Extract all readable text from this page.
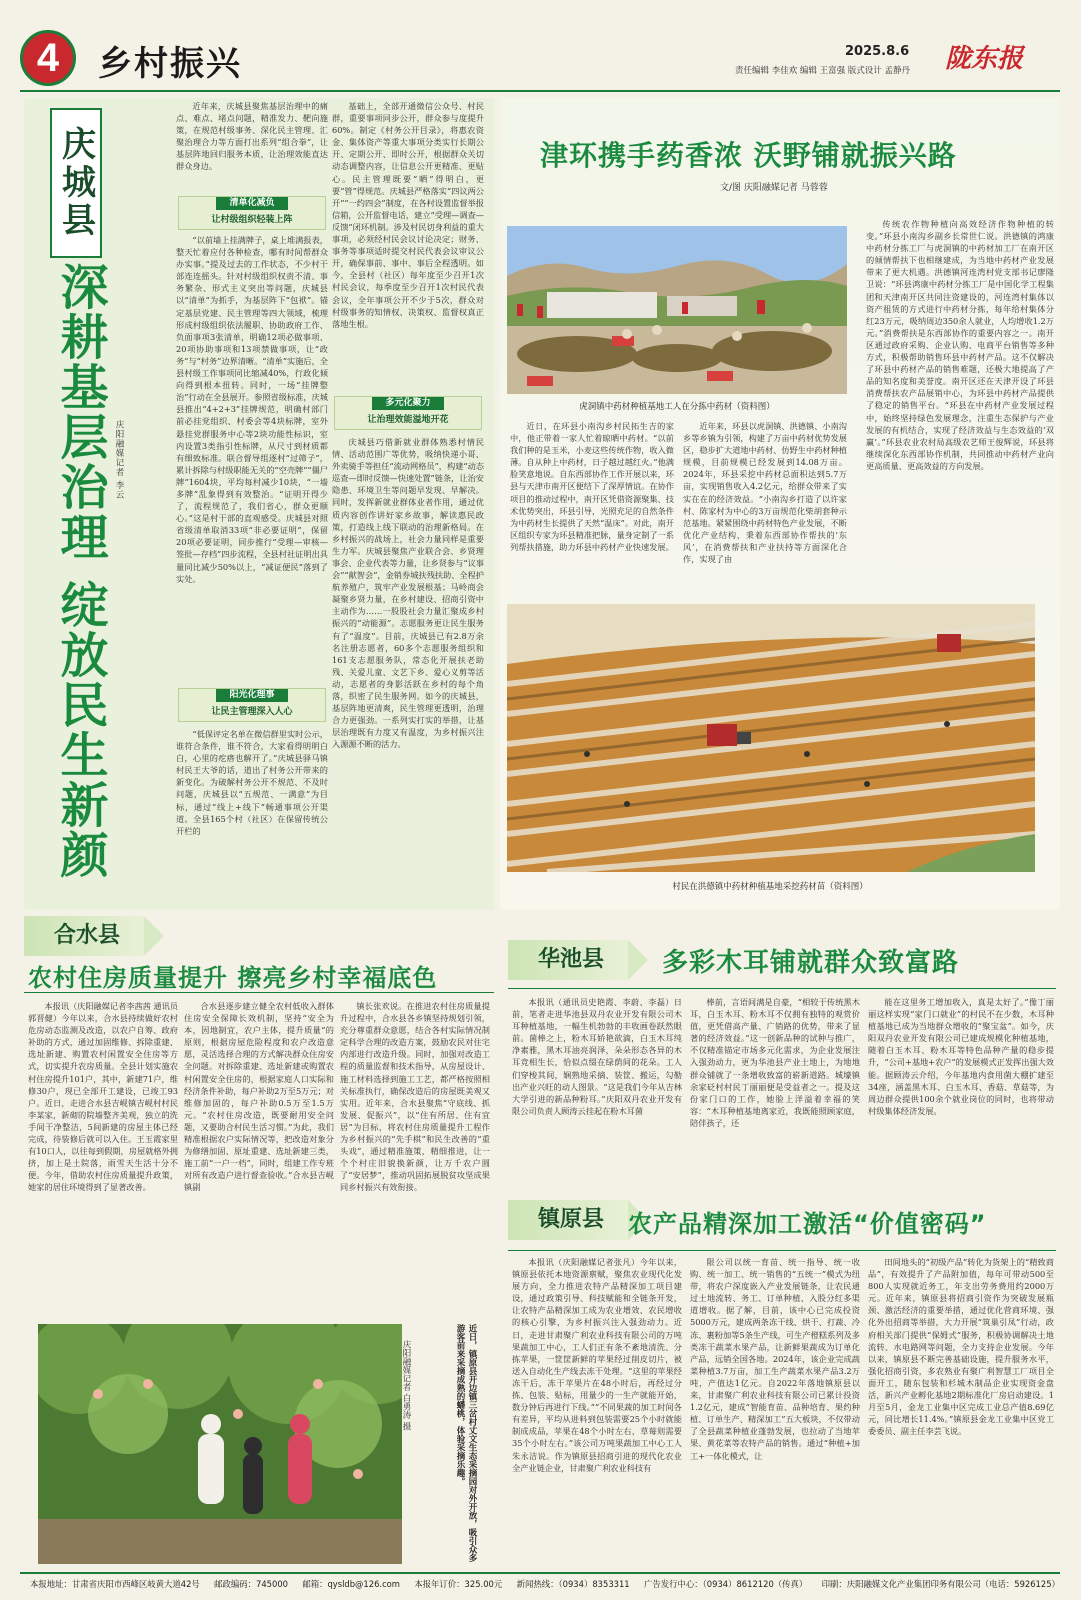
4	乡村振兴	2025.8.6
责任编辑 李佳欢 编辑 王富强 版式设计 孟静丹 陇东报
庆城县
深耕基层治理
绽放民生新颜
庆阳融媒记者 李云

近年来，庆城县聚焦基层治理中的痛点、难点、堵点问题，精准发力、靶向施策，在规范村级事务、深化民主管理、汇聚治理合力等方面打出系列“组合拳”，让基层阵地回归服务本质，让治理效能直达群众身边。

清单化减负
让村级组织轻装上阵

“以前墙上挂满牌子，桌上堆满报表，整天忙着应付各种检查，哪有时间帮群众办实事。”提及过去的工作状态，不少村干部连连摇头。针对村级组织权责不清、事务繁杂、形式主义突出等问题，庆城县以“清单”为抓手，为基层阵下“包袱”。锚定基层党建、民主管理等四大领域，梳理形成村级组织依法履职、协助政府工作、负面事项3张清单，明确12项必做事项、20项协助事项和13项禁做事项，让“政务”与“村务”边界清晰。“清单”实施后，全县村级工作事项同比缩减40%，行政化倾向得到根本扭转。同时，一场“挂牌整治”行动在全县展开。参照省级标准，庆城县推出“4+2+3”挂牌规范，明确村部门前必挂党组织、村委会等4块标牌，室外悬挂党群服务中心等2块功能性标识，室内设置3类指引性标牌，从尺寸到材质都有细致标准。联合督导组逐村“过筛子”，累计拆除与村级职能无关的“空壳牌”“僵尸牌”1604块，平均每村减少10块，“一墙多牌”乱象得到有效整治。“证明开得少了，流程规范了，我们省心，群众更顺心。”这是村干部的直观感受。庆城县对照省级清单取消33项“非必要证明”，保留20项必要证明，同步推行“受理—审核—签批—存档”四步流程，全县村社证明出具量同比减少50%以上，“减证便民”落到了实处。

阳光化理事
让民主管理深入人心

“低保评定名单在微信群里实时公示，谁符合条件，谁不符合，大家看得明明白白，心里的疙瘩也解开了。”庆城县驿马镇村民王大爷的话，道出了村务公开带来的新变化。为破解村务公开不规范、不及时问题，庆城县以“五规范、一满意”为目标，通过“线上+线下”畅通事项公开渠道。全县165个村（社区）在保留传统公开栏的

基础上，全部开通微信公众号、村民群，重要事项同步公开，群众参与度提升60%。制定《村务公开目录》，将惠农资金、集体资产等重大事项分类实行长期公开、定期公开、即时公开，根据群众关切动态调整内容，让信息公开更精准、更贴心。民主管理既要“晒”得明白，更要“管”得规范。庆城县严格落实“四议两公开”“一约四会”制度，在各村设置监督举报信箱，公开监督电话，建立“受理—调查—反馈”闭环机制。涉及村民切身利益的重大事项，必须经村民会议讨论决定；财务、事务等事项适时提交村民代表会议审议公开，确保事前、事中、事后全程透明。如今，全县村（社区）每年度至少召开1次村民会议，每季度至少召开1次村民代表会议，全年事项公开不少于5次，群众对村级事务的知情权、决策权、监督权真正落地生根。

多元化聚力
让治理效能溢地开花

庆城县巧借新就业群体熟悉村情民情、活动范围广等优势，吸纳快递小哥、外卖骑手等担任“流动网格员”，构建“动态巡查—即时反馈—快速处置”链条，让治安隐患、环境卫生等问题早发现、早解决。同时，发挥新就业群体业者作用，通过优质内容创作讲好家乡故事，解读惠民政策，打造线上线下联动的治理新格局。在乡村振兴的战场上，社会力量同样是重要生力军。庆城县聚焦产业联合会、乡贤理事会、企业代表等力量，让乡贤参与“议事会”“献智会”，金销券城扶残扶助、全程护航养殖户，筑牢产业发展根基；马岭商会凝聚乡贤力量，在乡村建设、招商引资中主动作为……一股股社会力量汇聚成乡村振兴的“动能源”。志愿服务更让民生服务有了“温度”。目前，庆城县已有2.8万余名注册志愿者，60多个志愿服务组织和161支志愿服务队，常态化开展扶老助残、关爱儿童、文艺下乡、爱心义剪等活动，志愿者的身影活跃在乡村的每个角落，织密了民生服务网。如今的庆城县，基层阵地更清爽，民生管理更透明，治理合力更强劲。一系列实打实的举措，让基层治理既有力度又有温度，为乡村振兴注入源源不断的活力。

津环携手药香浓 沃野铺就振兴路
文/图 庆阳融媒记者 马蓉蓉
虎洞镇中药材种植基地工人在分拣中药材（资料图）

传统农作物种植向高效经济作物种植的转变。”环县小南沟乡副乡长常世仁说。洪德镇的鸿康中药材分拣工厂与虎洞镇的中药材加工厂在南开区的倾情帮扶下也相继建成，为当地中药材产业发展带来了更大机遇。洪德镇河连湾村党支部书记廖隆卫说：“环县鸿康中药材分拣工厂是中国化学工程集团和天津南开区共同注资建设的，河连湾村集体以资产租赁的方式进行中药材分拣，每年给村集体分红23万元，吸纳周边350余人就业，人均增收1.2万元。”消费帮扶是东西部协作的重要内容之一。南开区通过政府采购、企业认购、电商平台销售等多种方式，积极帮助销售环县中药材产品。这不仅解决了环县中药材产品的销售难题，还极大地提高了产品的知名度和美誉度。南开区还在天津开设了环县消费帮扶农产品展销中心，为环县中药材产品提供了稳定的销售平台。“环县在中药材产业发展过程中，始终坚持绿色发展理念，注重生态保护与产业发展的有机结合，实现了经济效益与生态效益的‘双赢’。”环县农业农村局高级农艺师王俊辉说，环县将继续深化东西部协作机制，共同推动中药材产业向更高质量、更高效益的方向发展。

近日，在环县小南沟乡村民拓生吉的家中，他正带着一家人忙着晾晒中药材。“以前我们种的是玉米，小麦这些传统作物，收入微薄。自从种上中药材，日子越过越红火。”他满脸笑意地说。自东西部协作工作开展以来，环县与天津市南开区便结下了深厚情谊。在协作项目的推动过程中，南开区凭借资源聚集、技术优势突出，环县引导，光照充足的自然条件为中药材生长提供了天然“温床”。对此，南开区组织专家为环县精准把脉，量身定制了一系列帮扶措施，助力环县中药材产业快速发展。

近年来，环县以虎洞镇、洪德镇、小南沟乡等乡镇为引领，构建了万亩中药材优势发展区，稳步扩大道地中药材、仿野生中药材种植规模，目前规模已经发展到14.08万亩。2024年，环县采挖中药材总面积达到5.7万亩，实现销售收入4.2亿元，给群众带来了实实在在的经济效益。“小南沟乡打造了以许家村、陈家村为中心的3万亩规范化柴胡套种示范基地。紧紧围绕中药材特色产业发展，不断优化产业结构，秉着东西部协作帮扶的‘东风’，在消费帮扶和产业扶持等方面深化合作，实现了由

村民在洪德镇中药材种植基地采挖药材苗（资料图）
合水县
农村住房质量提升 擦亮乡村幸福底色

本报讯（庆阳融媒记者李茜茜 通讯员郭晋健）今年以来，合水县持续做好农村危房动态监测及改造，以农户自筹、政府补助的方式，通过加固维修、拆除重建、选址新建、购置农村闲置安全住房等方式，切实提升农房质量。全县计划实施农村住房提升101户，其中，新建71户，维修30户，现已全部开工建设，已竣工93户。近日，走进合水县吉岘镇吉岘村村民李某家，新砌的院墙整齐美观，独立的洗手间干净整洁，5间新建的房屋主体已经完成，待装修后就可以入住。王玉霞家里有10口人，以往每到假期，房屋就格外拥挤，加上是土院落，雨雪天生活十分不便。今年，借助农村住房质量提升政策，她家的居住环境得到了显著改善。

合水县逐步建立健全农村低收入群体住房安全保障长效机制，坚持“安全为本，因地制宜，农户主体，提升质量”的原则，根据房屋危险程度和农户改造意愿，灵活选择合理的方式解决群众住房安全问题。对拆除重建、选址新建或购置农村闲置安全住房的，根据家庭人口实际和经济条件补助，每户补助2万至5万元；对维修加固的，每户补助0.5万至1.5万元。“农村住房改造，既要耐用安全问题，又要助合村民生活习惯。”为此，我们精准根据农户实际情况等，把改造对象分为修缮加固、原址重建、选址新建三类，施工前“一户一档”，同时，组建工作专班对所有改造户进行督查验收。”合水县吉岘镇副

镇长张欢说。在推进农村住房质量提升过程中，合水县各乡镇坚持规划引领，充分尊重群众意愿，结合各村实际情况制定科学合理的改造方案，鼓励农民对住宅内部进行改造升级。同时，加强对改造工程的质量监督和技术指导，从房屋设计、施工材料选择到施工工艺，都严格按照相关标准执行，确保改造后的房屋既美观又实用。近年来，合水县聚焦“守底线、抓发展、促振兴”，以“住有所居、住有宜居”为目标，将农村住房质量提升工程作为乡村振兴的“先手棋”和民生改善的“重头戏”，通过精准施策，精细推进，让一个个村庄旧貌换新颜，让万千农户圆了“安居梦”，推动巩固拓展脱贫攻坚成果同乡村振兴有效衔接。

近日，镇原县开边镇三岔村丈文生态采摘园对外开放，吸引众多游客前来采摘成熟的蟠桃，体验采摘乐趣。
庆阳融媒记者 白勇涛 摄
华池县	多彩木耳铺就群众致富路

本报讯（通讯员史艳霞、李蔚、李磊）日前，笔者走进华池县双丹农业开发有限公司木耳种植基地，一幅生机勃勃的丰收画卷跃然眼前。菌棒之上，粉木耳娇艳欲滴，白玉木耳纯净素雅，黑木耳油亮润泽，朵朵形态各异的木耳竞相生长，恰似点缀在绿荫间的花朵。工人们穿梭其间，娴熟地采摘、装筐、搬运，勾勒出产业兴旺的动人图景。“这是我们今年从吉林大学引进的新品种粉耳。”庆阳双丹农业开发有限公司负责人顾涛云挂起在粉木耳菌

棒前，言语间满是自豪，“相较于传统黑木耳，白玉木耳、粉木耳不仅拥有独特的观赏价值，更凭借高产量、广销路的优势，带来了显著的经济效益。”这一创新品种的试种与推广，不仅精准锚定市场多元化需求，为企业发展注入强劲动力，更为华池县产业土地上，为地地群众铺就了一条增收致富的崭新道路。城壕镇余家砭村村民丁丽丽便是受益者之一。提及这份家门口的工作，她脸上洋溢着幸福的笑容：“木耳种植基地离家近，我既能照顾家庭，陪伴孩子，还

能在这里务工增加收入，真是太好了。”像丁丽丽这样实现“家门口就业”的村民不在少数，木耳种植基地已成为当地群众增收的“聚宝盆”。如今，庆阳双丹农业开发有限公司已建成规模化种植基地，随着白玉木耳、粉木耳等特色品种产量的稳步提升，“公司+基地+农户”的发展模式正发挥出强大效能。据顾涛云介绍，今年基地内食用菌大棚扩建至34座，涵盖黑木耳、白玉木耳、香菇、草菇等，为周边群众提供100余个就业岗位的同时，也将带动村级集体经济发展。

镇原县 农产品精深加工激活“价值密码”

本报讯（庆阳融媒记者张凡）今年以来，镇原县依托本地资源禀赋，聚焦农业现代化发展方向，全力推进农特产品精深加工项目建设，通过政策引导、科技赋能和全链条开发，让农特产品精深加工成为农业增效、农民增收的核心引擎，为乡村振兴注入强劲动力。近日，走进甘肃聚广利农业科技有限公司的万吨果蔬加工中心，工人们正有条不紊地清洗、分拣苹果，一筐筐新鲜的苹果经过削皮切片，被送入自动化生产线去冻干处理。“这里的苹果经冻干后，冻干苹果片在48小时后，再经过分拣、包装、贴标，用量少的一生产就能开始，数分钟后再进行下线。”“不同果蔬的加工时间各有差异，平均从进料到包装需要25个小时就能制成成品，苹果在48个小时左右，草莓则需要35个小时左右。”该公司万吨果蔬加工中心工人朱永洁说。作为镇原县招商引进的现代化农业全产业链企业，甘肃聚广利农业科技有

限公司以统一育苗、统一指导、统一收购、统一加工、统一销售的“五统一”模式为纽带，将农户深度嵌入产业发展链条，让农民通过土地流转、务工、订单种植、入股分红多渠道增收。据了解，目前，该中心已完成投资5000万元，建成两条冻干线、烘干、打蔬、冷冻、裹粉加等5条生产线，可生产橙糕系列及多类冻干蔬菜水果产品，让新鲜果蔬成为订单化产品，远销全国各地。2024年，该企业完成蔬菜种植3.7万亩，加工生产蔬菜水果产品3.2万吨，产值达1亿元。自2022年落地镇原县以来，甘肃聚广利农业科技有限公司已累计投资1.2亿元，建成“智能育苗、品种培育、果约种植、订单生产、精深加工”五大板块，不仅带动了全县蔬菜种植业蓬勃发展，也拉动了当地苹果、黄花菜等农特产品的销售。通过“种植+加工+一体化模式，让

田间地头的“初级产品”转化为货架上的“精致商品”，有效提升了产品附加值，每年可带动500至800人实现就近务工，年支出劳务费用约2000万元。近年来，镇原县将招商引资作为突破发展瓶颈、激活经济的重要举措，通过优化营商环境、强化外出招商等举措，大力开展“筑巢引凤”行动，政府相关部门提供“保姆式”服务，积极协调解决土地流转、水电路网等问题，全力支持企业发展。今年以来，镇原县不断完善基础设施，提升服务水平，强化招商引资，多农熟业有聚广利智慧工厂项目全面开工，随东包装和杉城木制品企业实现资金盘活，新兴产业孵化基地2期标准化厂房启动建设。1月至5月，金龙工业集中区完成工业总产值8.69亿元，同比增长11.4%。”镇原县金龙工业集中区党工委委员、副主任李芸飞说。

本报地址：甘肃省庆阳市西峰区岐黄大道42号 邮政编码：745000 邮箱：qysldb@126.com 本报年订价：325.00元 新闻热线：（0934）8353311 广告发行中心：（0934）8612120（传真） 印刷：庆阳融媒文化产业集团印务有限公司（电话：5926125）
